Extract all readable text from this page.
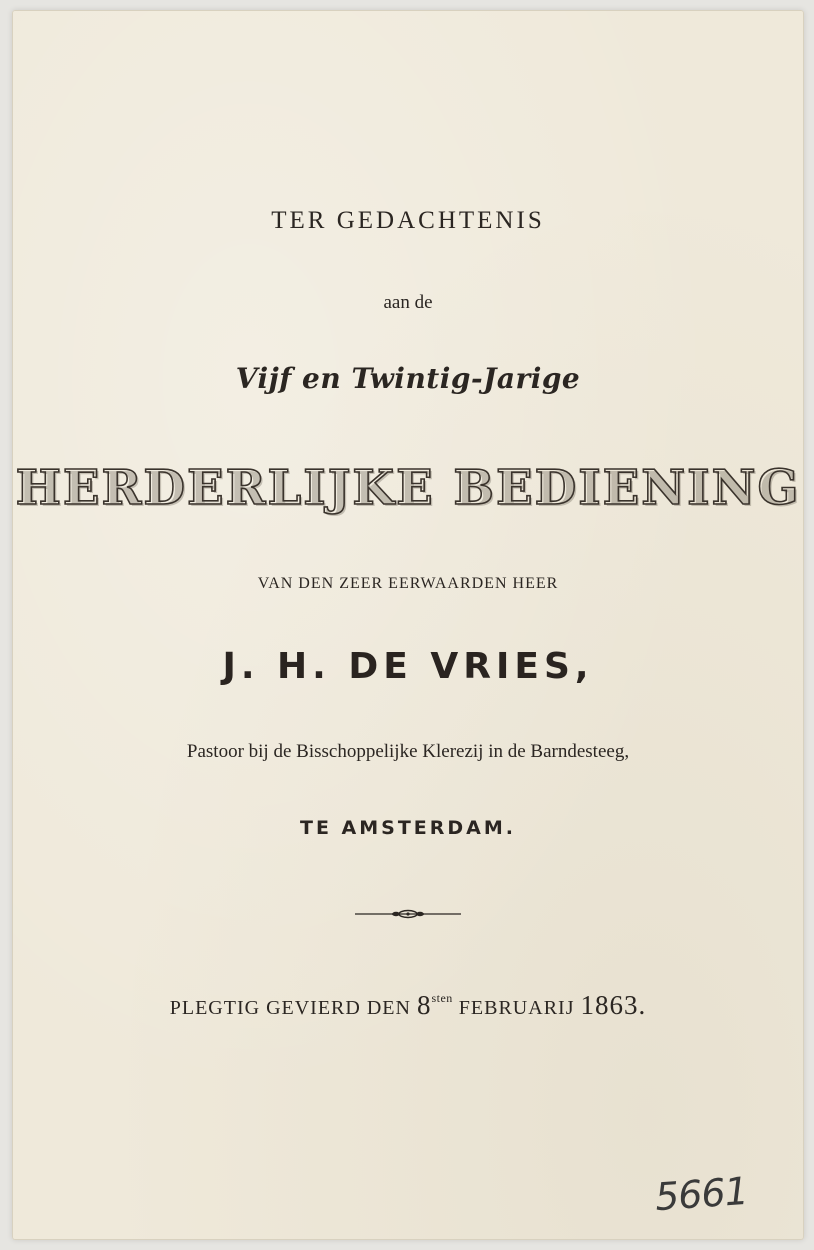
TER GEDACHTENIS
aan de
Vijf en Twintig-Jarige
HERDERLIJKE BEDIENING
VAN DEN ZEER EERWAARDEN HEER
J. H. DE VRIES,
Pastoor bij de Bisschoppelijke Klerezij in de Barndesteeg,
TE AMSTERDAM.
PLEGTIG GEVIERD DEN $8^{sten}$ FEBRUARIJ 1863.
5661
